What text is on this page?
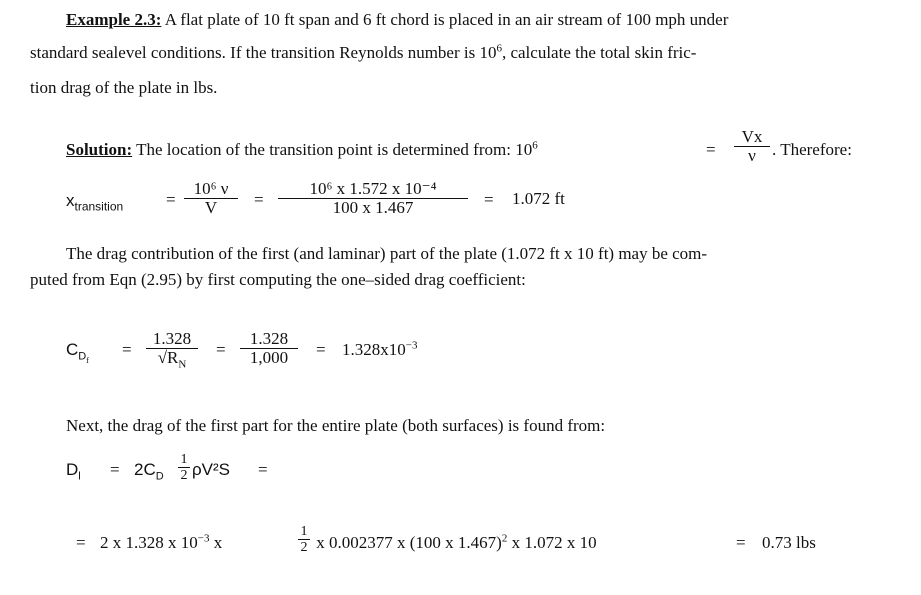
Example 2.3: A flat plate of 10 ft span and 6 ft chord is placed in an air stream of 100 mph under
standard sealevel conditions. If the transition Reynolds number is $10^6$, calculate the total skin fric-
tion drag of the plate in lbs.
Solution: The location of the transition point is determined from: $10^6$	= $\frac{Vx}{\nu}$ . Therefore:
$x_{transition}$	= $\frac{\text{10⁶ ν}}{V} = \frac{\text{10⁶ x 1.572 x 10⁻⁴}}{100 x 1.467} = 1.072$ ft
The drag contribution of the first (and laminar) part of the plate (1.072 ft x 10 ft) may be com-
puted from Eqn (2.95) by first computing the one–sided drag coefficient:
$C_{Df}$
= $\frac{1.328}{√R_N} = \frac{1.328}{1,000} = 1.328x10^{-3}$
Next, the drag of the first part for the entire plate (both surfaces) is found from:
$D_l = 2C_D \frac{1}{2} \rho V^2S$ =
= 2 x 1.328 x $10^{-3}$ x	$\frac{1}{2}$ x 0.002377 x (100 x 1.467)$^2$ x 1.072 x 10	= 0.73 lbs
